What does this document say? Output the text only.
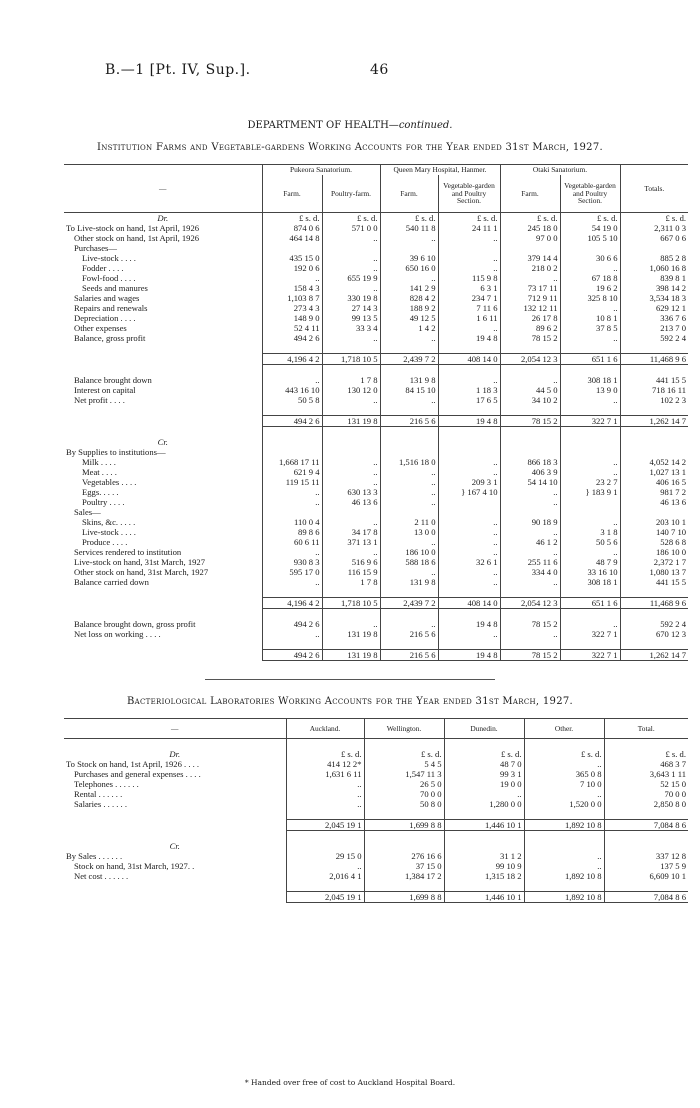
B.—1 [Pt. IV, Sup.].	46
DEPARTMENT OF HEALTH—continued.
Institution Farms and Vegetable-gardens Working Accounts for the Year ended 31st March, 1927.
—	Pukeora Sanatorium.		Queen Mary Hospital, Hanmer.		Otaki Sanatorium.		Totals.
	Farm.	Poultry-farm.	Farm.	Vegetable-garden and Poultry Section.	Farm.	Vegetable-garden and Poultry Section.	
Dr.	£ s. d.	£ s. d.	£ s. d.	£ s. d.	£ s. d.	£ s. d.	£ s. d.
To Live-stock on hand, 1st April, 1926	874 0 6	571 0 0	540 11 8	24 11 1	245 18 0	54 19 0	2,311 0 3
Other stock on hand, 1st April, 1926	464 14 8	..	..	..	97 0 0	105 5 10	667 0 6
Purchases—							
Live-stock . . . .	435 15 0	..	39 6 10	..	379 14 4	30 6 6	885 2 8
Fodder . . . .	192 0 6	..	650 16 0	..	218 0 2	..	1,060 16 8
Fowl-food . . . .	..	655 19 9	..	115 9 8	..	67 18 8	839 8 1
Seeds and manures	158 4 3	..	141 2 9	6 3 1	73 17 11	19 6 2	398 14 2
Salaries and wages	1,103 8 7	330 19 8	828 4 2	234 7 1	712 9 11	325 8 10	3,534 18 3
Repairs and renewals	273 4 3	27 14 3	188 9 2	7 11 6	132 12 11	..	629 12 1
Depreciation . . . .	148 9 0	99 13 5	49 12 5	1 6 11	26 17 8	10 8 1	336 7 6
Other expenses	52 4 11	33 3 4	1 4 2	..	89 6 2	37 8 5	213 7 0
Balance, gross profit	494 2 6	..	..	19 4 8	78 15 2	..	592 2 4

	4,196 4 2	1,718 10 5	2,439 7 2	408 14 0	2,054 12 3	651 1 6	11,468 9 6

Balance brought down	..	1 7 8	131 9 8	..	..	308 18 1	441 15 5
Interest on capital	443 16 10	130 12 0	84 15 10	1 18 3	44 5 0	13 9 0	718 16 11
Net profit . . . .	50 5 8	..	..	17 6 5	34 10 2	..	102 2 3

	494 2 6	131 19 8	216 5 6	19 4 8	78 15 2	322 7 1	1,262 14 7

Cr.							
By Supplies to institutions—							
Milk . . . .	1,668 17 11	..	1,516 18 0	..	866 18 3	..	4,052 14 2
Meat . . . .	621 9 4	..	..	..	406 3 9	..	1,027 13 1
Vegetables . . . .	119 15 11	..	..	209 3 1	54 14 10	23 2 7	406 16 5
Eggs. . . . .	..	630 13 3	..	} 167 4 10	..	} 183 9 1	981 7 2
Poultry . . . .	..	46 13 6	..		..		46 13 6
Sales—							
Skins, &c. . . . .	110 0 4	..	2 11 0	..	90 18 9	..	203 10 1
Live-stock . . . .	89 8 6	34 17 8	13 0 0	..	..	3 1 8	140 7 10
Produce . . . .	60 6 11	371 13 1	..	..	46 1 2	50 5 6	528 6 8
Services rendered to institution	..	..	186 10 0	..	..	..	186 10 0
Live-stock on hand, 31st March, 1927	930 8 3	516 9 6	588 18 6	32 6 1	255 11 6	48 7 9	2,372 1 7
Other stock on hand, 31st March, 1927	595 17 0	116 15 9	..	..	334 4 0	33 16 10	1,080 13 7
Balance carried down	..	1 7 8	131 9 8	..	..	308 18 1	441 15 5

	4,196 4 2	1,718 10 5	2,439 7 2	408 14 0	2,054 12 3	651 1 6	11,468 9 6

Balance brought down, gross profit	494 2 6	..	..	19 4 8	78 15 2	..	592 2 4
Net loss on working . . . .	..	131 19 8	216 5 6	..	..	322 7 1	670 12 3

	494 2 6	131 19 8	216 5 6	19 4 8	78 15 2	322 7 1	1,262 14 7
Bacteriological Laboratories Working Accounts for the Year ended 31st March, 1927.
—	Auckland.	Wellington.	Dunedin.	Other.	Total.

Dr.	£ s. d.	£ s. d.	£ s. d.	£ s. d.	£ s. d.
To Stock on hand, 1st April, 1926 . . . .	414 12 2*	5 4 5	48 7 0	..	468 3 7
Purchases and general expenses . . . .	1,631 6 11	1,547 11 3	99 3 1	365 0 8	3,643 1 11
Telephones . . . . . .	..	26 5 0	19 0 0	7 10 0	52 15 0
Rental . . . . . .	..	70 0 0	..	..	70 0 0
Salaries . . . . . .	..	50 8 0	1,280 0 0	1,520 0 0	2,850 8 0

	2,045 19 1	1,699 8 8	1,446 10 1	1,892 10 8	7,084 8 6

Cr.					
By Sales . . . . . .	29 15 0	276 16 6	31 1 2	..	337 12 8
Stock on hand, 31st March, 1927. .	..	37 15 0	99 10 9	..	137 5 9
Net cost . . . . . .	2,016 4 1	1,384 17 2	1,315 18 2	1,892 10 8	6,609 10 1

	2,045 19 1	1,699 8 8	1,446 10 1	1,892 10 8	7,084 8 6
* Handed over free of cost to Auckland Hospital Board.
